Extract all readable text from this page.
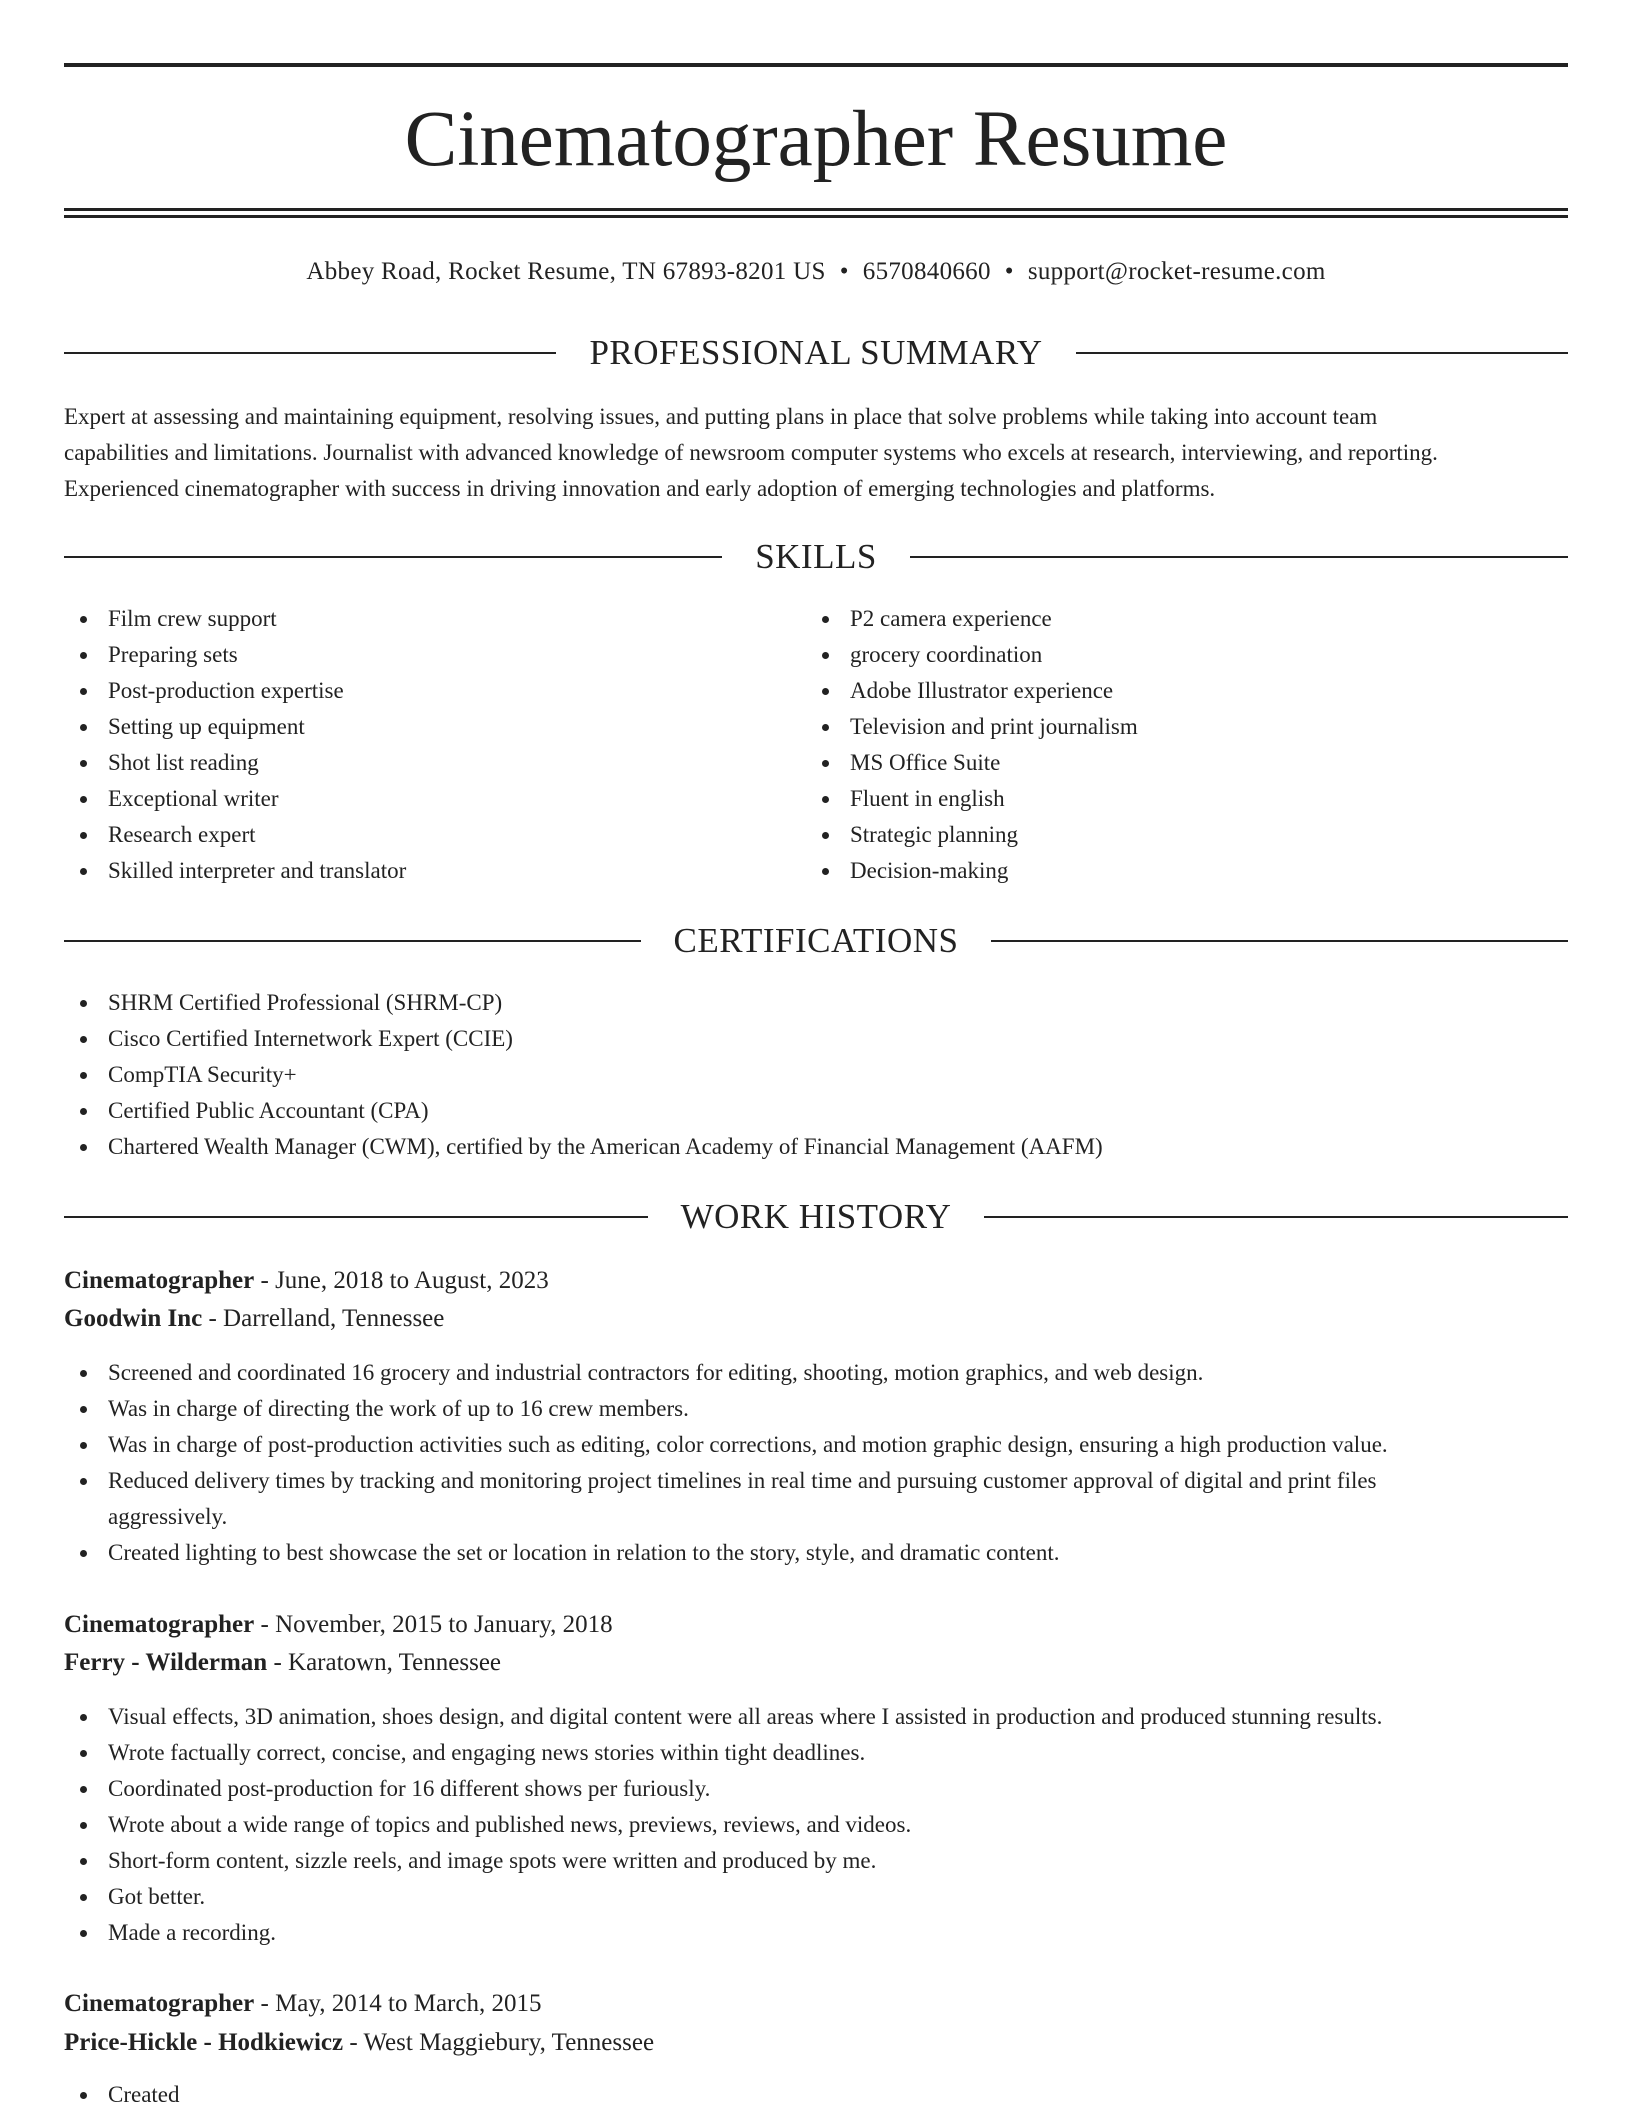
Cinematographer Resume
Abbey Road, Rocket Resume, TN 67893-8201 US • 6570840660 • support@rocket-resume.com
PROFESSIONAL SUMMARY
Expert at assessing and maintaining equipment, resolving issues, and putting plans in place that solve problems while taking into account team
capabilities and limitations. Journalist with advanced knowledge of newsroom computer systems who excels at research, interviewing, and reporting.
Experienced cinematographer with success in driving innovation and early adoption of emerging technologies and platforms.
SKILLS
Film crew support
Preparing sets
Post-production expertise
Setting up equipment
Shot list reading
Exceptional writer
Research expert
Skilled interpreter and translator
P2 camera experience
grocery coordination
Adobe Illustrator experience
Television and print journalism
MS Office Suite
Fluent in english
Strategic planning
Decision-making
CERTIFICATIONS
SHRM Certified Professional (SHRM-CP)
Cisco Certified Internetwork Expert (CCIE)
CompTIA Security+
Certified Public Accountant (CPA)
Chartered Wealth Manager (CWM), certified by the American Academy of Financial Management (AAFM)
WORK HISTORY
Cinematographer - June, 2018 to August, 2023
Goodwin Inc - Darrelland, Tennessee
Screened and coordinated 16 grocery and industrial contractors for editing, shooting, motion graphics, and web design.
Was in charge of directing the work of up to 16 crew members.
Was in charge of post-production activities such as editing, color corrections, and motion graphic design, ensuring a high production value.
Reduced delivery times by tracking and monitoring project timelines in real time and pursuing customer approval of digital and print files
aggressively.
Created lighting to best showcase the set or location in relation to the story, style, and dramatic content.
Cinematographer - November, 2015 to January, 2018
Ferry - Wilderman - Karatown, Tennessee
Visual effects, 3D animation, shoes design, and digital content were all areas where I assisted in production and produced stunning results.
Wrote factually correct, concise, and engaging news stories within tight deadlines.
Coordinated post-production for 16 different shows per furiously.
Wrote about a wide range of topics and published news, previews, reviews, and videos.
Short-form content, sizzle reels, and image spots were written and produced by me.
Got better.
Made a recording.
Cinematographer - May, 2014 to March, 2015
Price-Hickle - Hodkiewicz - West Maggiebury, Tennessee
Created
